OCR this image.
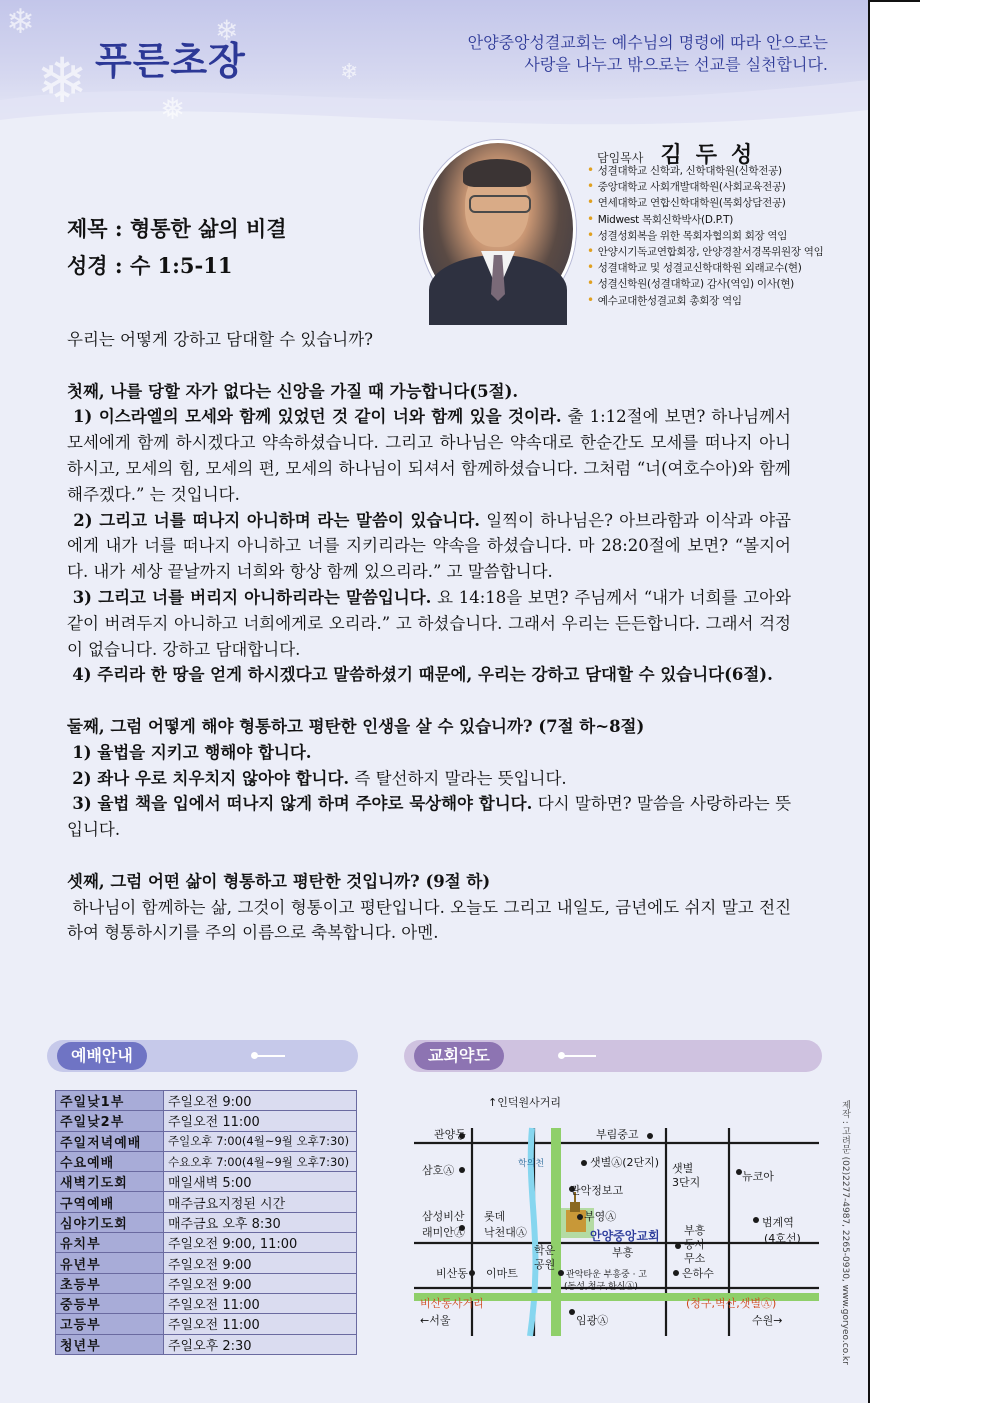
❄
❄	❄
❅
❄
푸른초장	안양중앙성결교회는 예수님의 명령에 따라 안으로는
사랑을 나누고 밖으로는 선교를 실천합니다.
담임목사 김두성
• 성결대학교 신학과, 신학대학원(신학전공)
• 중앙대학교 사회개발대학원(사회교육전공)
• 연세대학교 연합신학대학원(목회상담전공)
• Midwest 목회신학박사(D.P.T)
• 성결성회복을 위한 목회자협의회 회장 역임
• 안양시기독교연합회장, 안양경찰서경목위원장 역임
• 성결대학교 및 성결교신학대학원 외래교수(현)
• 성결신학원(성결대학교) 감사(역임) 이사(현)
• 예수교대한성결교회 총회장 역임
제목 : 형통한 삶의 비결
성경 : 수 1:5-11

우리는 어떻게 강하고 담대할 수 있습니까?

첫째, 나를 당할 자가 없다는 신앙을 가질 때 가능합니다(5절).

1) 이스라엘의 모세와 함께 있었던 것 같이 너와 함께 있을 것이라. 출 1:12절에 보면? 하나님께서 모세에게 함께 하시겠다고 약속하셨습니다. 그리고 하나님은 약속대로 한순간도 모세를 떠나지 아니하시고, 모세의 힘, 모세의 편, 모세의 하나님이 되셔서 함께하셨습니다. 그처럼 “너(여호수아)와 함께 해주겠다.” 는 것입니다.

2) 그리고 너를 떠나지 아니하며 라는 말씀이 있습니다. 일찍이 하나님은? 아브라함과 이삭과 야곱에게 내가 너를 떠나지 아니하고 너를 지키리라는 약속을 하셨습니다. 마 28:20절에 보면? “볼지어다. 내가 세상 끝날까지 너희와 항상 함께 있으리라.” 고 말씀합니다.

3) 그리고 너를 버리지 아니하리라는 말씀입니다. 요 14:18을 보면? 주님께서 “내가 너희를 고아와 같이 버려두지 아니하고 너희에게로 오리라.” 고 하셨습니다. 그래서 우리는 든든합니다. 그래서 걱정이 없습니다. 강하고 담대합니다.

4) 주리라 한 땅을 얻게 하시겠다고 말씀하셨기 때문에, 우리는 강하고 담대할 수 있습니다(6절).

둘째, 그럼 어떻게 해야 형통하고 평탄한 인생을 살 수 있습니까? (7절 하~8절)

1) 율법을 지키고 행해야 합니다.

2) 좌나 우로 치우치지 않아야 합니다. 즉 탈선하지 말라는 뜻입니다.

3) 율법 책을 입에서 떠나지 않게 하며 주야로 묵상해야 합니다. 다시 말하면? 말씀을 사랑하라는 뜻입니다.

셋째, 그럼 어떤 삶이 형통하고 평탄한 것입니까? (9절 하)

하나님이 함께하는 삶, 그것이 형통이고 평탄입니다. 오늘도 그리고 내일도, 금년에도 쉬지 말고 전진하여 형통하시기를 주의 이름으로 축복합니다. 아멘.

예배안내
주일낮1부	주일오전 9:00
주일낮2부	주일오전 11:00
주일저녁예배	주일오후 7:00(4월~9월 오후7:30)
수요예배	수요오후 7:00(4월~9월 오후7:30)
새벽기도회	매일새벽 5:00
구역예배	매주금요지정된 시간
심야기도회	매주금요 오후 8:30
유치부	주일오전 9:00, 11:00
유년부	주일오전 9:00
초등부	주일오전 9:00
중등부	주일오전 11:00
고등부	주일오전 11:00
청년부	주일오후 2:30
교회약도
관양동
↑인덕원사거리
부림중고
삼호Ⓐ	학의천	샛별Ⓐ(2단지) 샛별
3단지	뉴코아
관악정보고
삼성비산
래미안Ⓐ
롯데
낙천대Ⓐ
부영Ⓐ
안양중앙교회
부흥
부흥
동사
무소
범계역
(4호선)
학운
공원
비산동 이마트	관악타운 부흥중 · 고
(동성,청구,한신Ⓐ)
은하수
비산동사거리	(청구,벽산,샛별Ⓐ)
←서울	임광Ⓐ	수원→	제작 : 고려문 (02)2277-4987, 2265-0930, www.goryeo.co.kr
